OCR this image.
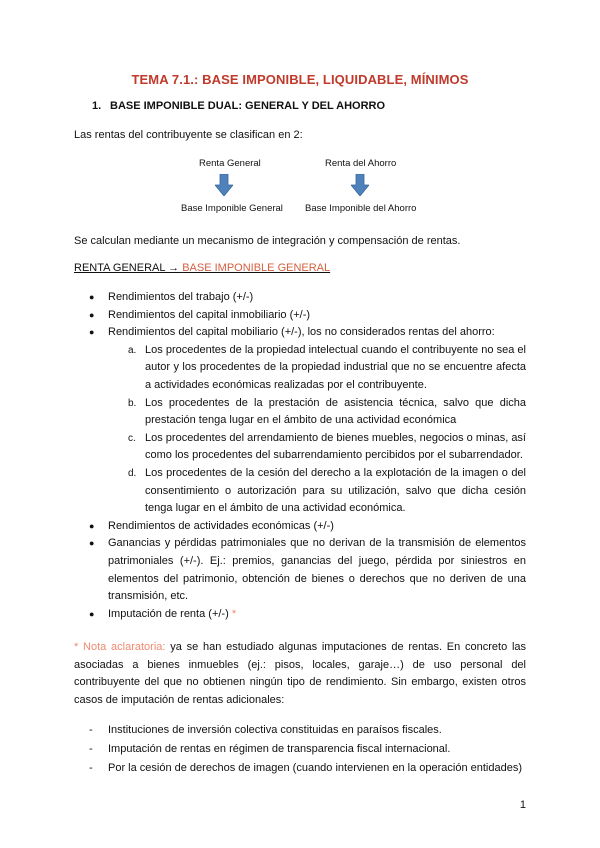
TEMA 7.1.: BASE IMPONIBLE, LIQUIDABLE, MÍNIMOS
1. BASE IMPONIBLE DUAL: GENERAL Y DEL AHORRO
Las rentas del contribuyente se clasifican en 2:
Renta General	Renta del Ahorro
Base Imponible General Base Imponible del Ahorro
Se calculan mediante un mecanismo de integración y compensación de rentas.
RENTA GENERAL → BASE IMPONIBLE GENERAL
● Rendimientos del trabajo (+/-)
● Rendimientos del capital inmobiliario (+/-)
● Rendimientos del capital mobiliario (+/-), los no considerados rentas del ahorro:
a. Los procedentes de la propiedad intelectual cuando el contribuyente no sea el autor y los procedentes de la propiedad industrial que no se encuentre afecta a actividades económicas realizadas por el contribuyente.
b. Los procedentes de la prestación de asistencia técnica, salvo que dicha prestación tenga lugar en el ámbito de una actividad económica
c. Los procedentes del arrendamiento de bienes muebles, negocios o minas, así como los procedentes del subarrendamiento percibidos por el subarrendador.
d. Los procedentes de la cesión del derecho a la explotación de la imagen o del consentimiento o autorización para su utilización, salvo que dicha cesión tenga lugar en el ámbito de una actividad económica.
● Rendimientos de actividades económicas (+/-)
● Ganancias y pérdidas patrimoniales que no derivan de la transmisión de elementos patrimoniales (+/-). Ej.: premios, ganancias del juego, pérdida por siniestros en elementos del patrimonio, obtención de bienes o derechos que no deriven de una transmisión, etc.
● Imputación de renta (+/-) *
* Nota aclaratoria: ya se han estudiado algunas imputaciones de rentas. En concreto las asociadas a bienes inmuebles (ej.: pisos, locales, garaje…) de uso personal del contribuyente del que no obtienen ningún tipo de rendimiento. Sin embargo, existen otros casos de imputación de rentas adicionales:
- Instituciones de inversión colectiva constituidas en paraísos fiscales.
- Imputación de rentas en régimen de transparencia fiscal internacional.
- Por la cesión de derechos de imagen (cuando intervienen en la operación entidades)
1
